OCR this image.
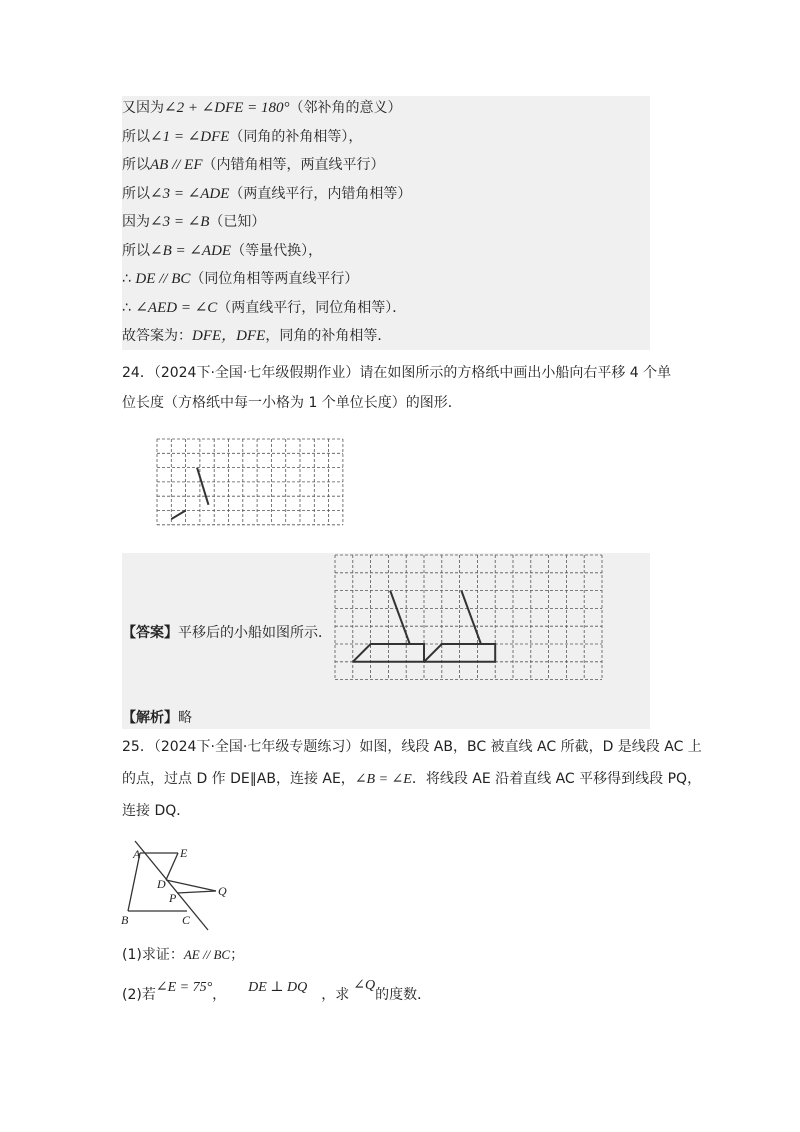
又因为∠2 + ∠DFE = 180°（邻补角的意义）
所以∠1 = ∠DFE（同角的补角相等），
所以AB // EF（内错角相等，两直线平行）
所以∠3 = ∠ADE（两直线平行，内错角相等）
因为∠3 = ∠B（已知）
所以∠B = ∠ADE（等量代换），
∴ DE // BC（同位角相等两直线平行）
∴ ∠AED = ∠C（两直线平行，同位角相等）．
故答案为：DFE，DFE，同角的补角相等．
24．（2024下·全国·七年级假期作业）请在如图所示的方格纸中画出小船向右平移 4 个单
位长度（方格纸中每一小格为 1 个单位长度）的图形．
【答案】平移后的小船如图所示．
【解析】略
25．（2024下·全国·七年级专题练习）如图，线段 AB，BC 被直线 AC 所截，D 是线段 AC 上
的点，过点 D 作 DE∥AB，连接 AE，∠B = ∠E．将线段 AE 沿着直线 AC 平移得到线段 PQ，
连接 DQ．
A	E
D	Q
P
B	C
(1)求证：AE // BC；
(2)若∠E = 75°， DE ⊥ DQ ，求∠Q的度数．
